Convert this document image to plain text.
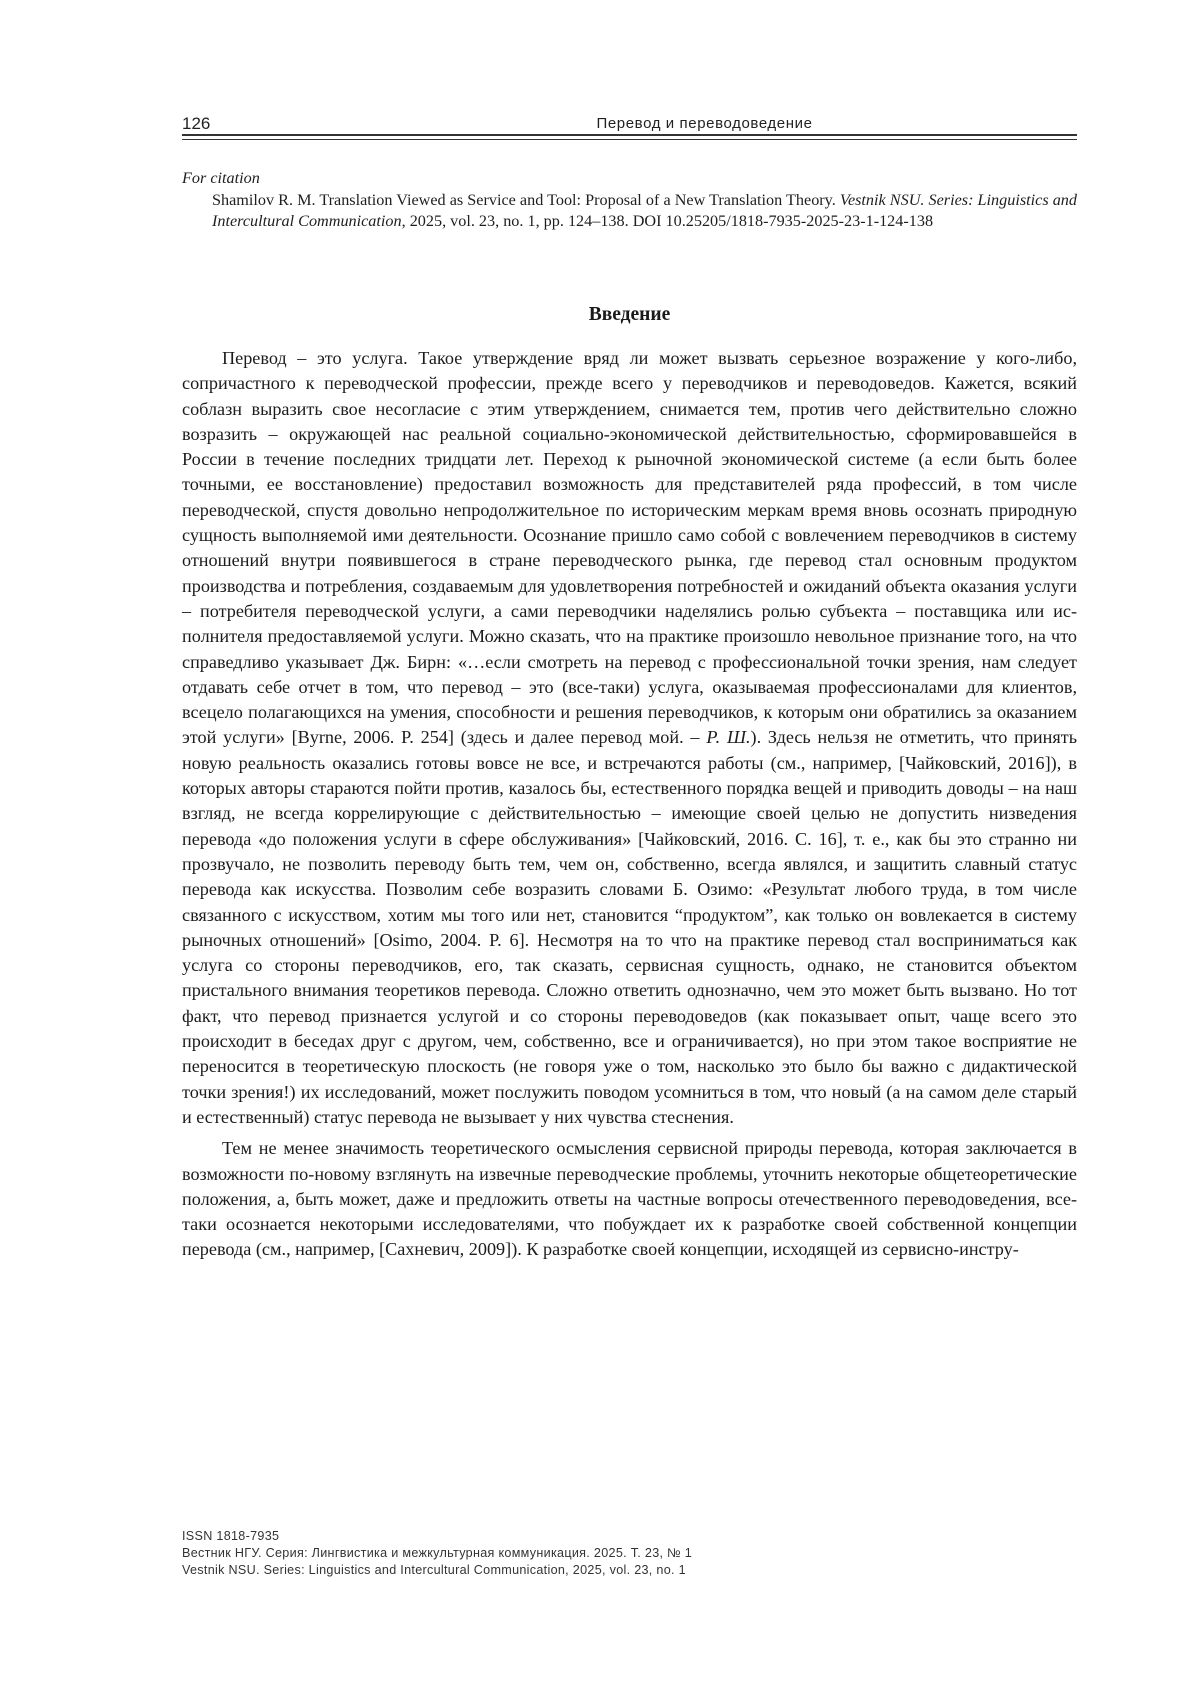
126	Перевод и переводоведение
For citation
Shamilov R. M. Translation Viewed as Service and Tool: Proposal of a New Translation Theory. Vestnik NSU. Series: Linguistics and Intercultural Communication, 2025, vol. 23, no. 1, pp. 124–138. DOI 10.25205/1818-7935-2025-23-1-124-138
Введение

Перевод – это услуга. Такое утверждение вряд ли может вызвать серьезное возражение у кого-либо, сопричастного к переводческой профессии, прежде всего у переводчиков и пе­реводоведов. Кажется, всякий соблазн выразить свое несогласие с этим утверждением, сни­мается тем, против чего действительно сложно возразить – окружающей нас реальной соци­ально-экономической действительностью, сформировавшейся в России в течение последних тридцати лет. Переход к рыночной экономической системе (а если быть более точными, ее восстановление) предоставил возможность для представителей ряда профессий, в том чис­ле переводческой, спустя довольно непродолжительное по историческим меркам время вновь осознать природную сущность выполняемой ими деятельности. Осознание пришло само со­бой с вовлечением переводчиков в систему отношений внутри появившегося в стране пере­водческого рынка, где перевод стал основным продуктом производства и потребления, созда­ваемым для удовлетворения потребностей и ожиданий объекта оказания услуги – потребителя переводческой услуги, а сами переводчики наделялись ролью субъекта – поставщика или ис­полнителя предоставляемой услуги. Можно сказать, что на практике произошло невольное признание того, на что справедливо указывает Дж. Бирн: «…если смотреть на перевод с про­фессиональной точки зрения, нам следует отдавать себе отчет в том, что перевод – это (все-та­ки) услуга, оказываемая профессионалами для клиентов, всецело полагающихся на умения, способности и решения переводчиков, к которым они обратились за оказанием этой услуги» [Byrne, 2006. P. 254] (здесь и далее перевод мой. – Р. Ш.). Здесь нельзя не отметить, что при­нять новую реальность оказались готовы вовсе не все, и встречаются работы (см., например, [Чайковский, 2016]), в которых авторы стараются пойти против, казалось бы, естественного порядка вещей и приводить доводы – на наш взгляд, не всегда коррелирующие с действитель­ностью – имеющие своей целью не допустить низведения перевода «до положения услуги в сфере обслуживания» [Чайковский, 2016. С. 16], т. е., как бы это странно ни прозвучало, не позволить переводу быть тем, чем он, собственно, всегда являлся, и защитить славный ста­тус перевода как искусства. Позволим себе возразить словами Б. Озимо: «Результат любого труда, в том числе связанного с искусством, хотим мы того или нет, становится “продуктом”, как только он вовлекается в систему рыночных отношений» [Osimo, 2004. P. 6]. Несмотря на то что на практике перевод стал восприниматься как услуга со стороны переводчиков, его, так сказать, сервисная сущность, однако, не становится объектом пристального внимания те­оретиков перевода. Сложно ответить однозначно, чем это может быть вызвано. Но тот факт, что перевод признается услугой и со стороны переводоведов (как показывает опыт, чаще всего это происходит в беседах друг с другом, чем, собственно, все и ограничивается), но при этом такое восприятие не переносится в теоретическую плоскость (не говоря уже о том, насколько это было бы важно с дидактической точки зрения!) их исследований, может послужить пово­дом усомниться в том, что новый (а на самом деле старый и естественный) статус перевода не вызывает у них чувства стеснения.

Тем не менее значимость теоретического осмысления сервисной природы перевода, ко­торая заключается в возможности по-новому взглянуть на извечные переводческие пробле­мы, уточнить некоторые общетеоретические положения, а, быть может, даже и предложить ответы на частные вопросы отечественного переводоведения, все-таки осознается некоторыми исследователями, что побуждает их к разработке своей собственной концепции перевода (см., например, [Сахневич, 2009]). К разработке своей концепции, исходящей из сервисно-инстру-

ISSN 1818-7935
Вестник НГУ. Серия: Лингвистика и межкультурная коммуникация. 2025. Т. 23, № 1
Vestnik NSU. Series: Linguistics and Intercultural Communication, 2025, vol. 23, no. 1
